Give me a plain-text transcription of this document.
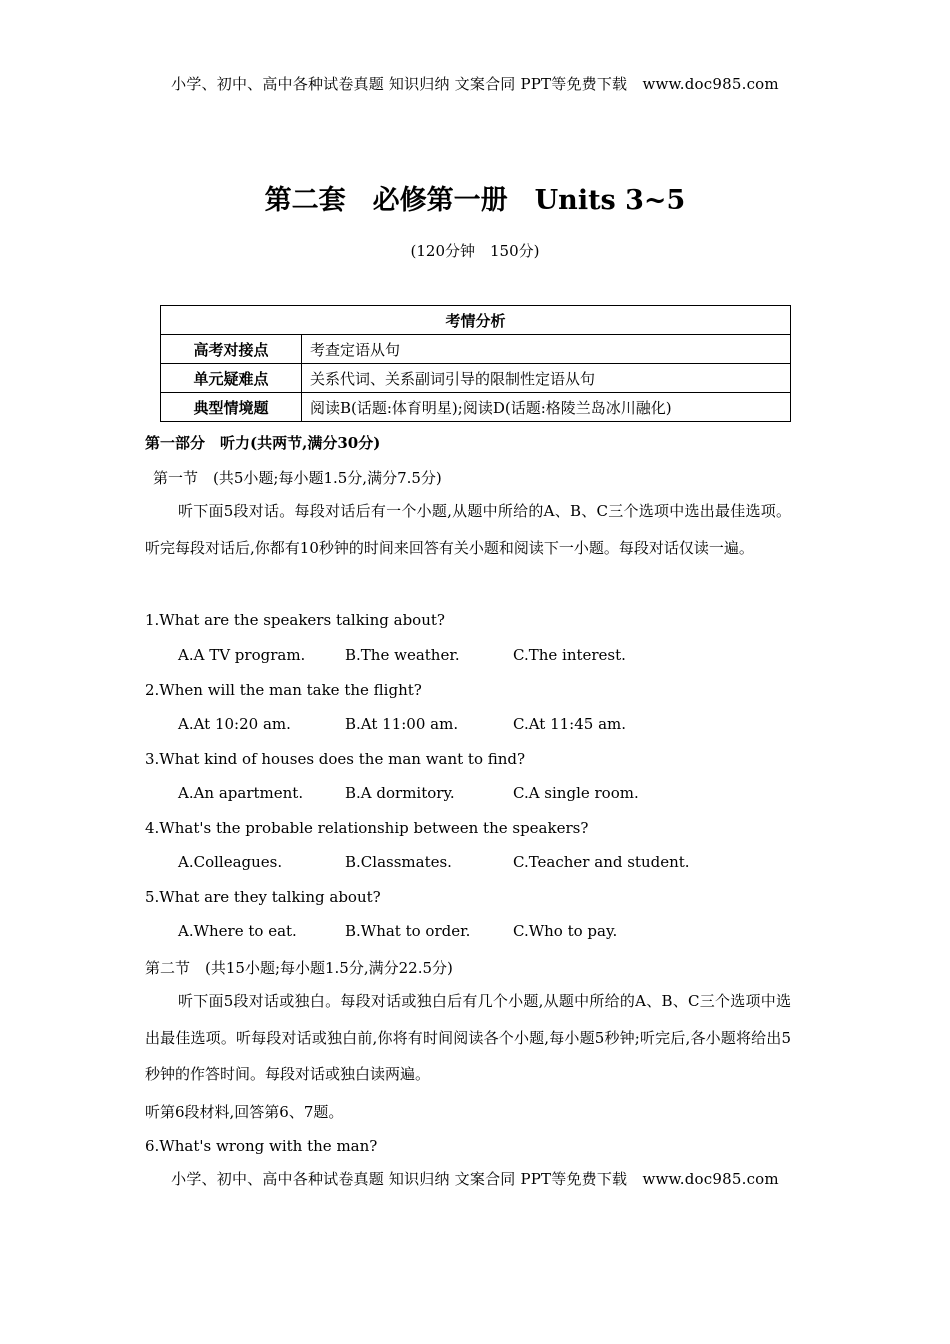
小学、初中、高中各种试卷真题 知识归纳 文案合同 PPT等免费下载　www.doc985.com
第二套　必修第一册　Units 3~5
(120分钟　150分)
考情分析	
高考对接点	考查定语从句
单元疑难点	关系代词、关系副词引导的限制性定语从句
典型情境题	阅读B(话题:体育明星);阅读D(话题:格陵兰岛冰川融化)
第一部分　听力(共两节,满分30分)
第一节　(共5小题;每小题1.5分,满分7.5分)
听下面5段对话。每段对话后有一个小题,从题中所给的A、B、C三个选项中选出最佳选项。听完每段对话后,你都有10秒钟的时间来回答有关小题和阅读下一小题。每段对话仅读一遍。
1.What are the speakers talking about?
A.A TV program.	B.The weather.	C.The interest.
2.When will the man take the flight?
A.At 10:20 am.	B.At 11:00 am.	C.At 11:45 am.
3.What kind of houses does the man want to find?
A.An apartment.	B.A dormitory.	C.A single room.
4.What's the probable relationship between the speakers?
A.Colleagues.	B.Classmates.	C.Teacher and student.
5.What are they talking about?
A.Where to eat.	B.What to order.	C.Who to pay.
第二节　(共15小题;每小题1.5分,满分22.5分)
听下面5段对话或独白。每段对话或独白后有几个小题,从题中所给的A、B、C三个选项中选出最佳选项。听每段对话或独白前,你将有时间阅读各个小题,每小题5秒钟;听完后,各小题将给出5秒钟的作答时间。每段对话或独白读两遍。
听第6段材料,回答第6、7题。
6.What's wrong with the man?
小学、初中、高中各种试卷真题 知识归纳 文案合同 PPT等免费下载　www.doc985.com
